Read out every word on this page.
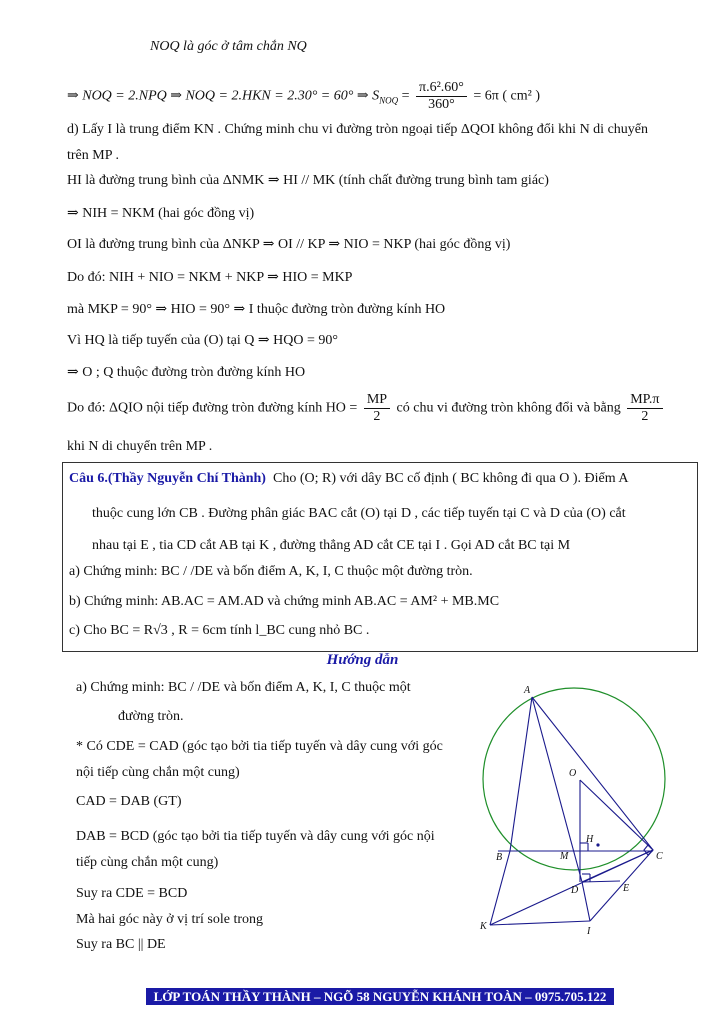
NOQ là góc ở tâm chắn NQ
⇒ NOQ = 2.NPQ ⇒ NOQ = 2.HKN = 2.30° = 60° ⇒ $S_{NOQ} = \frac{\text{π.6².60°}}{360^\circ} = 6\pi$ ( cm² )
d) Lấy I là trung điểm KN . Chứng minh chu vi đường tròn ngoại tiếp ΔQOI không đổi khi N di chuyển
trên MP .
HI là đường trung bình của ΔNMK ⇒ HI // MK (tính chất đường trung bình tam giác)
⇒ NIH = NKM (hai góc đồng vị)
OI là đường trung bình của ΔNKP ⇒ OI // KP ⇒ NIO = NKP (hai góc đồng vị)
Do đó: NIH + NIO = NKM + NKP ⇒ HIO = MKP
mà MKP = 90° ⇒ HIO = 90° ⇒ I thuộc đường tròn đường kính HO
Vì HQ là tiếp tuyến của (O) tại Q ⇒ HQO = 90°
⇒ O ; Q thuộc đường tròn đường kính HO
Do đó: ΔQIO nội tiếp đường tròn đường kính HO = $\frac{MP}{2}$ có chu vi đường tròn không đổi và bằng $\frac{MP.\pi}{2}$
khi N di chuyển trên MP .
Câu 6.(Thầy Nguyễn Chí Thành) Cho (O; R) với dây BC cố định ( BC không đi qua O ). Điểm A
thuộc cung lớn CB . Đường phân giác BAC cắt (O) tại D , các tiếp tuyến tại C và D của (O) cắt
nhau tại E , tia CD cắt AB tại K , đường thẳng AD cắt CE tại I . Gọi AD cắt BC tại M
a) Chứng minh: BC / /DE và bốn điểm A, K, I, C thuộc một đường tròn.
b) Chứng minh: AB.AC = AM.AD và chứng minh AB.AC = AM² + MB.MC
c) Cho BC = R√3 , R = 6cm tính l_BC cung nhỏ BC .
Hướng dẫn
a) Chứng minh: BC / /DE và bốn điểm A, K, I, C thuộc một
đường tròn.
* Có CDE = CAD (góc tạo bởi tia tiếp tuyến và dây cung với góc
nội tiếp cùng chắn một cung)
CAD = DAB (GT)
DAB = BCD (góc tạo bởi tia tiếp tuyến và dây cung với góc nội
tiếp cùng chắn một cung)
Suy ra CDE = BCD
Mà hai góc này ở vị trí sole trong
Suy ra BC || DE
A
O
H
B	M	C
D	E
K	I
LỚP TOÁN THẦY THÀNH – NGÕ 58 NGUYỄN KHÁNH TOÀN – 0975.705.122
